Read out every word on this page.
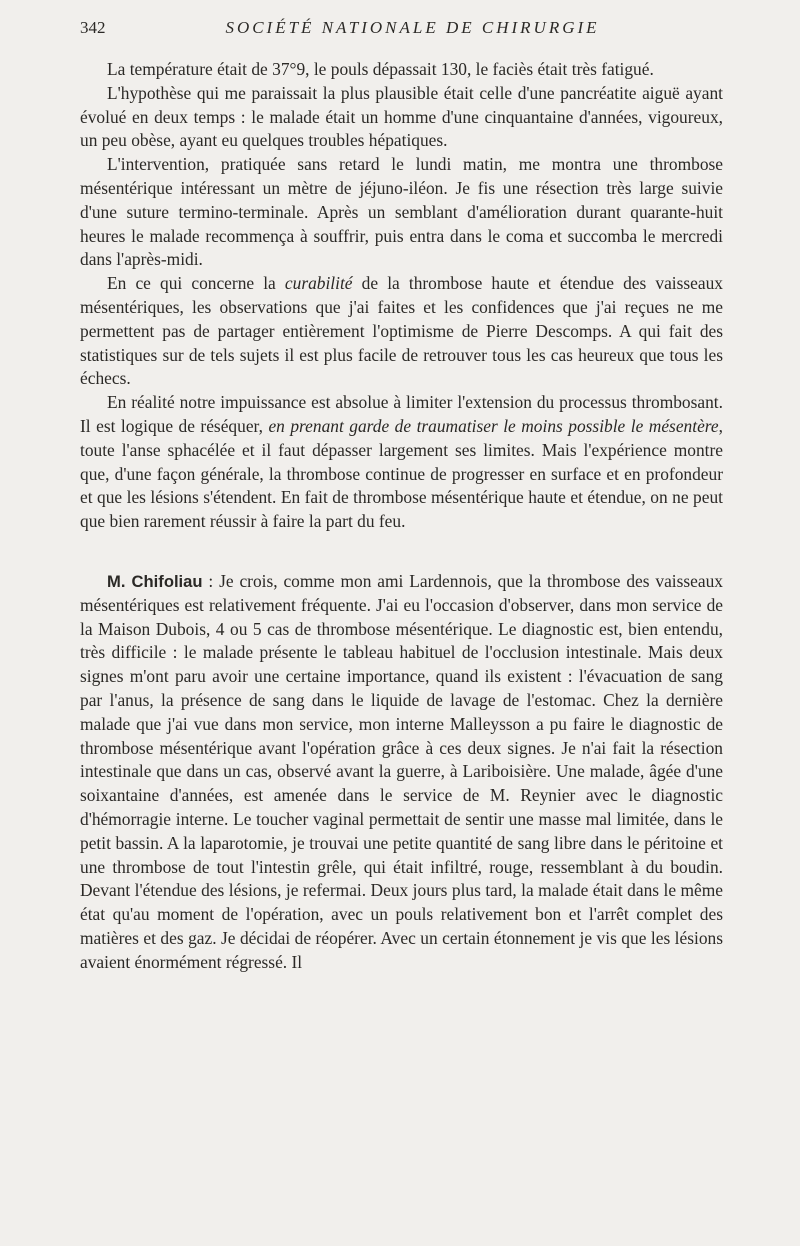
342	SOCIÉTÉ NATIONALE DE CHIRURGIE

La température était de 37°9, le pouls dépassait 130, le faciès était très fatigué.

L'hypothèse qui me paraissait la plus plausible était celle d'une pancréatite aiguë ayant évolué en deux temps : le malade était un homme d'une cinquantaine d'années, vigoureux, un peu obèse, ayant eu quelques troubles hépatiques.

L'intervention, pratiquée sans retard le lundi matin, me montra une thrombose mésentérique intéressant un mètre de jéjuno-iléon. Je fis une résection très large suivie d'une suture termino-terminale. Après un semblant d'amélioration durant quarante-huit heures le malade recommença à souffrir, puis entra dans le coma et succomba le mercredi dans l'après-midi.

En ce qui concerne la curabilité de la thrombose haute et étendue des vaisseaux mésentériques, les observations que j'ai faites et les confidences que j'ai reçues ne me permettent pas de partager entièrement l'optimisme de Pierre Descomps. A qui fait des statistiques sur de tels sujets il est plus facile de retrouver tous les cas heureux que tous les échecs.

En réalité notre impuissance est absolue à limiter l'extension du processus thrombosant. Il est logique de réséquer, en prenant garde de traumatiser le moins possible le mésentère, toute l'anse sphacélée et il faut dépasser largement ses limites. Mais l'expérience montre que, d'une façon générale, la thrombose continue de progresser en surface et en profondeur et que les lésions s'étendent. En fait de thrombose mésentérique haute et étendue, on ne peut que bien rarement réussir à faire la part du feu.

M. Chifoliau : Je crois, comme mon ami Lardennois, que la thrombose des vaisseaux mésentériques est relativement fréquente. J'ai eu l'occasion d'observer, dans mon service de la Maison Dubois, 4 ou 5 cas de thrombose mésentérique. Le diagnostic est, bien entendu, très difficile : le malade présente le tableau habituel de l'occlusion intestinale. Mais deux signes m'ont paru avoir une certaine importance, quand ils existent : l'évacuation de sang par l'anus, la présence de sang dans le liquide de lavage de l'estomac. Chez la dernière malade que j'ai vue dans mon service, mon interne Malleysson a pu faire le diagnostic de thrombose mésentérique avant l'opération grâce à ces deux signes. Je n'ai fait la résection intestinale que dans un cas, observé avant la guerre, à Lariboisière. Une malade, âgée d'une soixantaine d'années, est amenée dans le service de M. Reynier avec le diagnostic d'hémorragie interne. Le toucher vaginal permettait de sentir une masse mal limitée, dans le petit bassin. A la laparotomie, je trouvai une petite quantité de sang libre dans le péritoine et une thrombose de tout l'intestin grêle, qui était infiltré, rouge, ressemblant à du boudin. Devant l'étendue des lésions, je refermai. Deux jours plus tard, la malade était dans le même état qu'au moment de l'opération, avec un pouls relativement bon et l'arrêt complet des matières et des gaz. Je décidai de réopérer. Avec un certain étonnement je vis que les lésions avaient énormément régressé. Il
